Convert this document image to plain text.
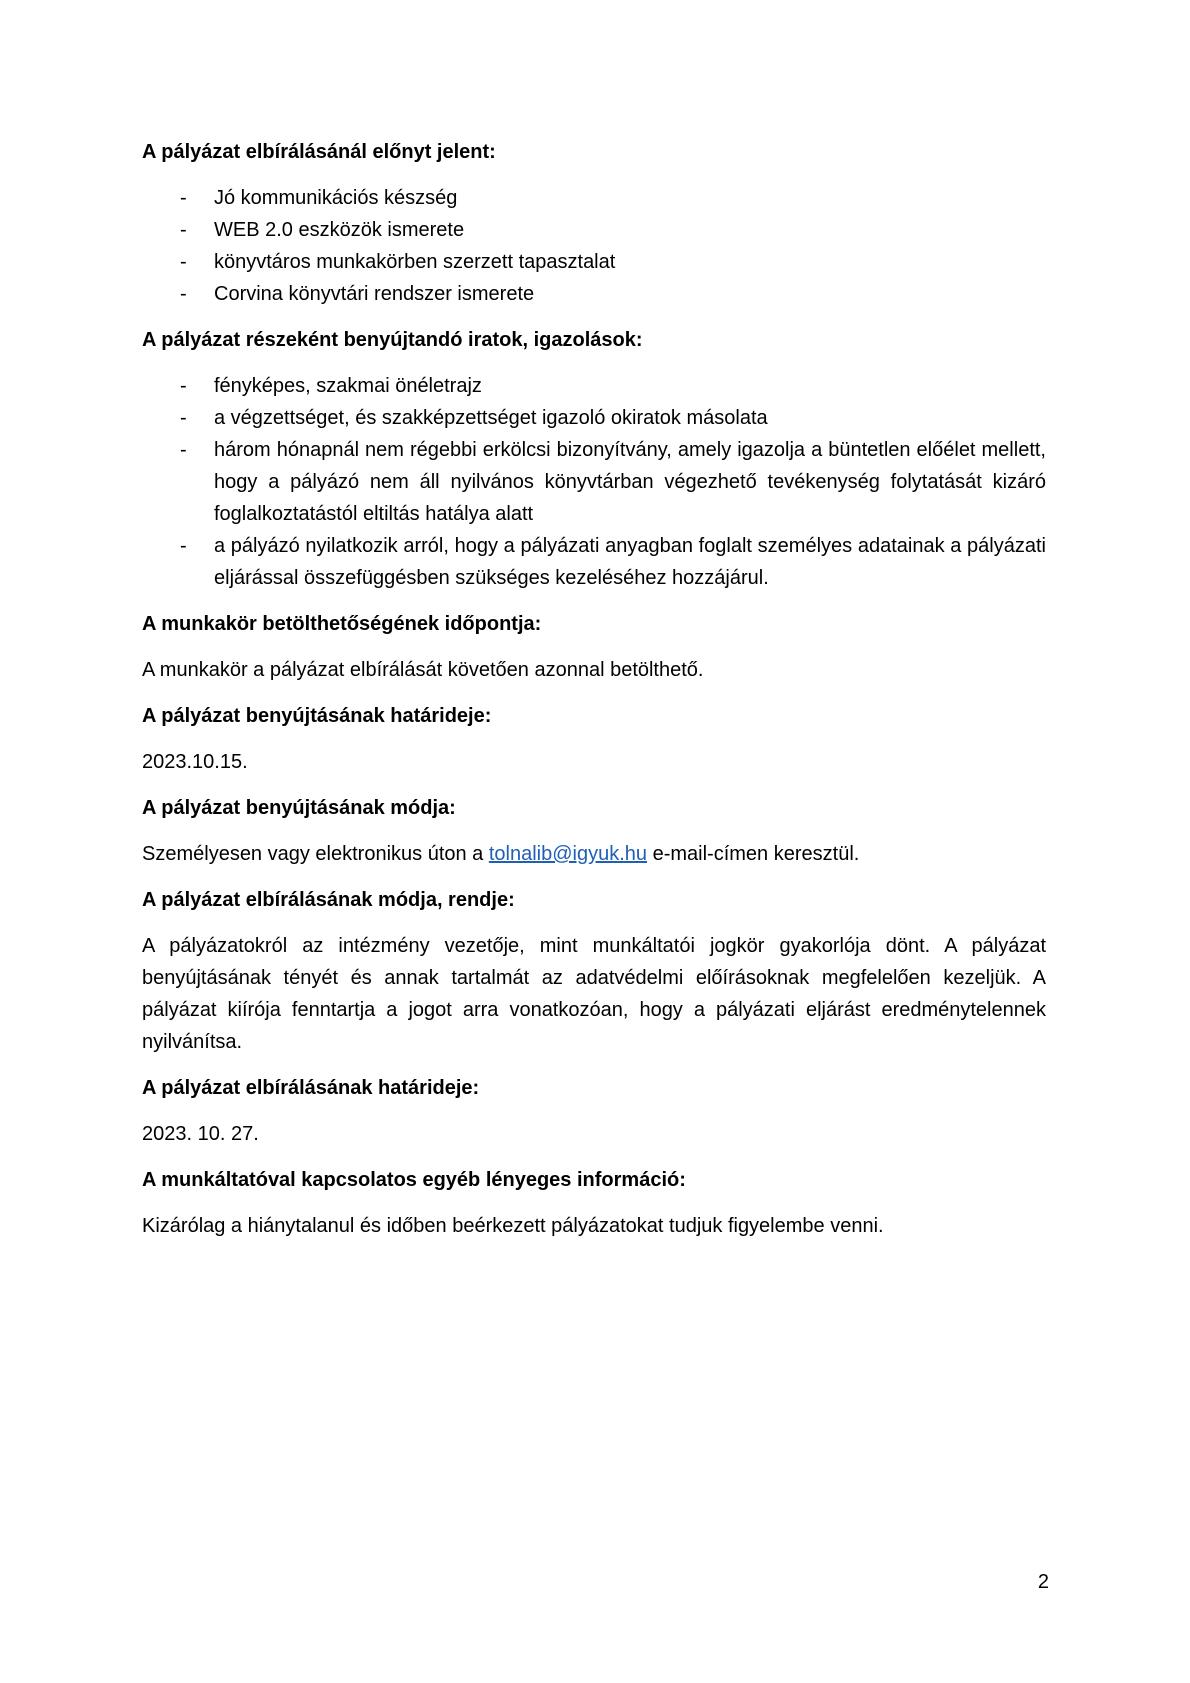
A pályázat elbírálásánál előnyt jelent:
- Jó kommunikációs készség
- WEB 2.0 eszközök ismerete
- könyvtáros munkakörben szerzett tapasztalat
- Corvina könyvtári rendszer ismerete
A pályázat részeként benyújtandó iratok, igazolások:
- fényképes, szakmai önéletrajz
- a végzettséget, és szakképzettséget igazoló okiratok másolata
- három hónapnál nem régebbi erkölcsi bizonyítvány, amely igazolja a büntetlen előélet mellett, hogy a pályázó nem áll nyilvános könyvtárban végezhető tevékenység folytatását kizáró foglalkoztatástól eltiltás hatálya alatt
- a pályázó nyilatkozik arról, hogy a pályázati anyagban foglalt személyes adatainak a pályázati eljárással összefüggésben szükséges kezeléséhez hozzájárul.
A munkakör betölthetőségének időpontja:

A munkakör a pályázat elbírálását követően azonnal betölthető.

A pályázat benyújtásának határideje:

2023.10.15.

A pályázat benyújtásának módja:

Személyesen vagy elektronikus úton a tolnalib@igyuk.hu e-mail-címen keresztül.

A pályázat elbírálásának módja, rendje:

A pályázatokról az intézmény vezetője, mint munkáltatói jogkör gyakorlója dönt. A pályázat benyújtásának tényét és annak tartalmát az adatvédelmi előírásoknak megfelelően kezeljük. A pályázat kiírója fenntartja a jogot arra vonatkozóan, hogy a pályázati eljárást eredménytelennek nyilvánítsa.

A pályázat elbírálásának határideje:

2023. 10. 27.

A munkáltatóval kapcsolatos egyéb lényeges információ:

Kizárólag a hiánytalanul és időben beérkezett pályázatokat tudjuk figyelembe venni.

2
